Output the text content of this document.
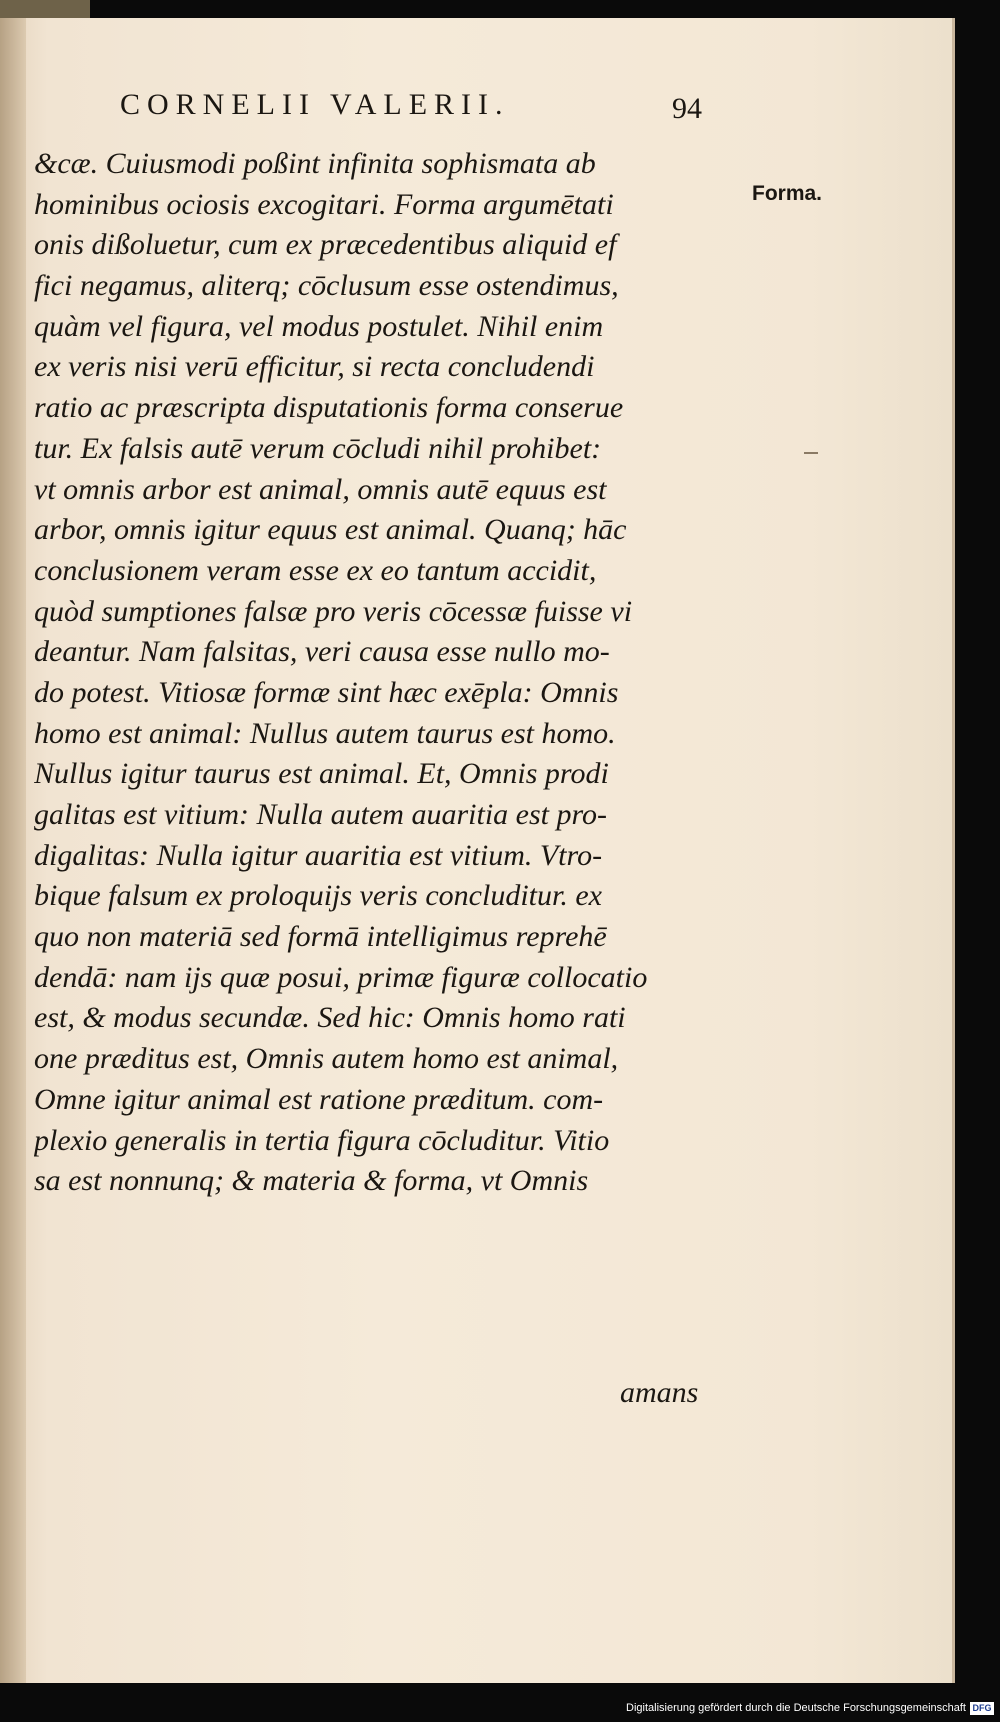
CORNELII VALERII.	94
Forma.
&cæ. Cuiusmodi poßint infinita sophismata ab
hominibus ociosis excogitari. Forma argumētati
onis dißoluetur, cum ex præcedentibus aliquid ef
fici negamus, aliterq; cōclusum esse ostendimus,
quàm vel figura, vel modus postulet. Nihil enim
ex veris nisi verū efficitur, si recta concludendi
ratio ac præscripta disputationis forma conserue
tur. Ex falsis autē verum cōcludi nihil prohibet:
vt omnis arbor est animal, omnis autē equus est
arbor, omnis igitur equus est animal. Quanq; hāc
conclusionem veram esse ex eo tantum accidit,
quòd sumptiones falsæ pro veris cōcessæ fuisse vi
deantur. Nam falsitas, veri causa esse nullo mo-
do potest. Vitiosæ formæ sint hæc exēpla: Omnis
homo est animal: Nullus autem taurus est homo.
Nullus igitur taurus est animal. Et, Omnis prodi
galitas est vitium: Nulla autem auaritia est pro-
digalitas: Nulla igitur auaritia est vitium. Vtro-
bique falsum ex proloquijs veris concluditur. ex
quo non materiā sed formā intelligimus reprehē
dendā: nam ijs quæ posui, primæ figuræ collocatio
est, & modus secundæ. Sed hic: Omnis homo rati
one præditus est, Omnis autem homo est animal,
Omne igitur animal est ratione præditum. com-
plexio generalis in tertia figura cōcluditur. Vitio
sa est nonnunq; & materia & forma, vt Omnis
amans
Digitalisierung gefördert durch die Deutsche Forschungsgemeinschaft DFG
